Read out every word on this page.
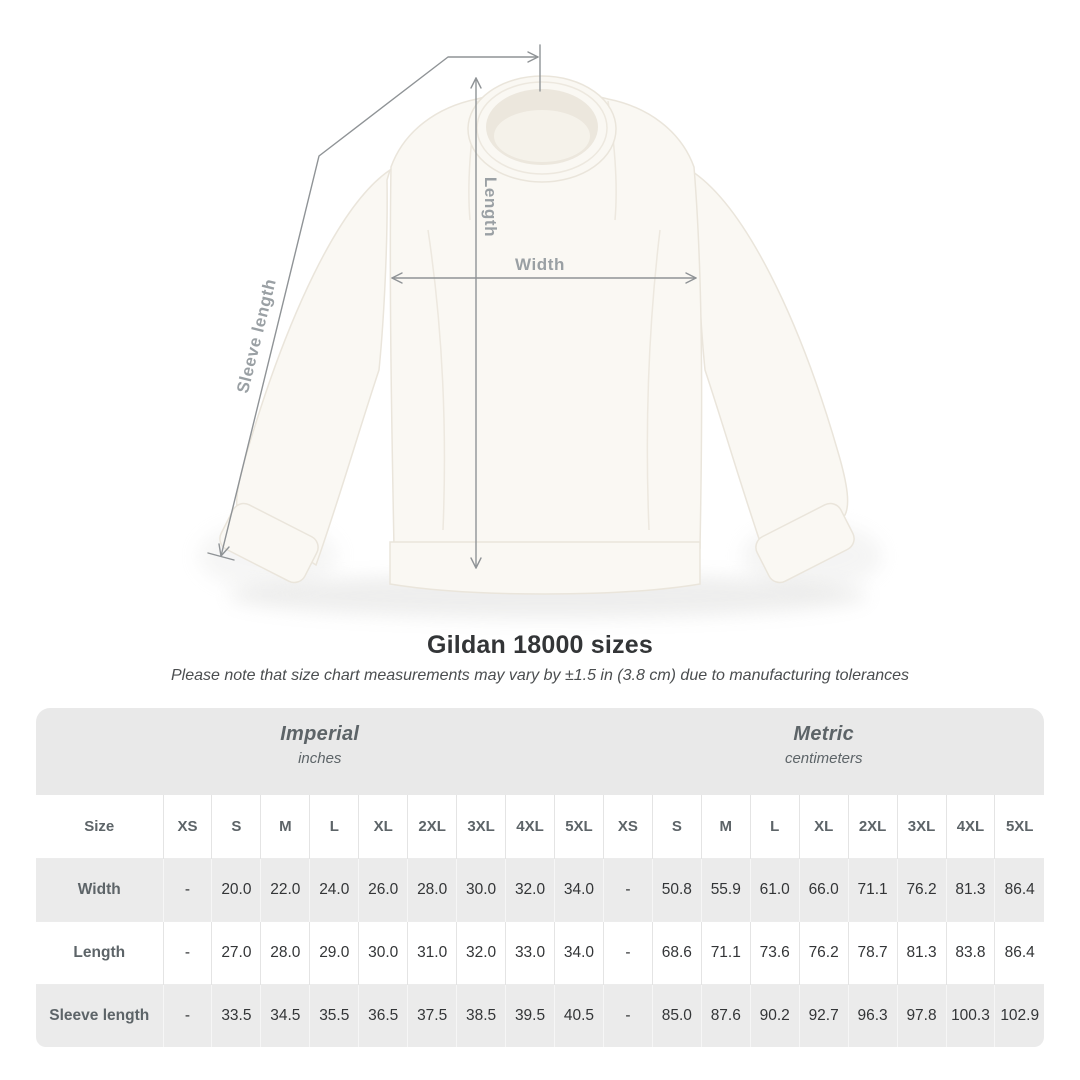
Width
Length
Sleeve length
Gildan 18000 sizes
Please note that size chart measurements may vary by ±1.5 in (3.8 cm) due to manufacturing tolerances
Imperial
inches
Metric
centimeters
Size	XS	S	M	L	XL	2XL	3XL	4XL	5XL	XS	S	M	L	XL	2XL	3XL	4XL	5XL
Width	-	20.0	22.0	24.0	26.0	28.0	30.0	32.0	34.0	-	50.8	55.9	61.0	66.0	71.1	76.2	81.3	86.4
Length	-	27.0	28.0	29.0	30.0	31.0	32.0	33.0	34.0	-	68.6	71.1	73.6	76.2	78.7	81.3	83.8	86.4
Sleeve length	-	33.5	34.5	35.5	36.5	37.5	38.5	39.5	40.5	-	85.0	87.6	90.2	92.7	96.3	97.8	100.3	102.9
